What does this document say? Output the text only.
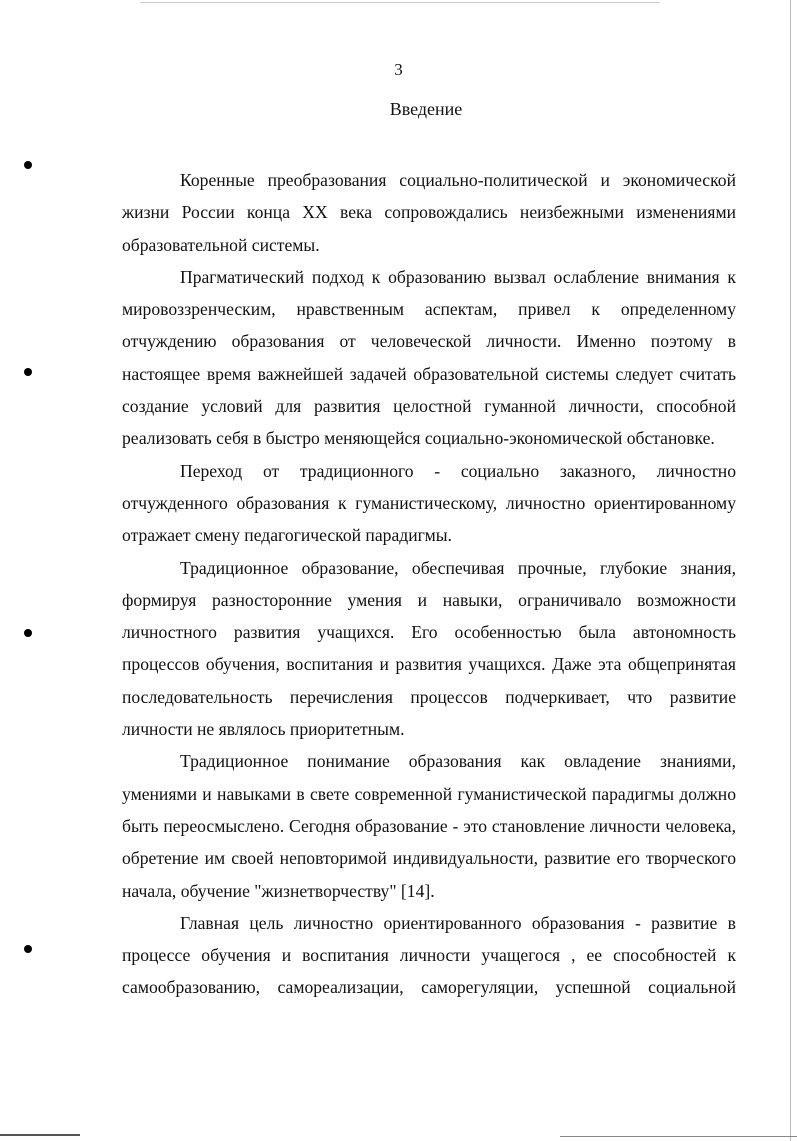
3
Введение

Коренные преобразования социально-политической и экономической жизни России конца ХХ века сопровождались неизбежными изменениями образовательной системы.

Прагматический подход к образованию вызвал ослабление внимания к мировоззренческим, нравственным аспектам, привел к определенному отчуждению образования от человеческой личности. Именно поэтому в настоящее время важнейшей задачей образовательной системы следует считать создание условий для развития целостной гуманной личности, способной реализовать себя в быстро меняющейся социально-экономической обстановке.

Переход от традиционного - социально заказного, личностно отчужденного образования к гуманистическому, личностно ориентированному отражает смену педагогической парадигмы.

Традиционное образование, обеспечивая прочные, глубокие знания, формируя разносторонние умения и навыки, ограничивало возможности личностного развития учащихся. Его особенностью была автономность процессов обучения, воспитания и развития учащихся. Даже эта общепринятая последовательность перечисления процессов подчеркивает, что развитие личности не являлось приоритетным.

Традиционное понимание образования как овладение знаниями, умениями и навыками в свете современной гуманистической парадигмы должно быть переосмыслено. Сегодня образование - это становление личности человека, обретение им своей неповторимой индивидуальности, развитие его творческого начала, обучение "жизнетворчеству" [14].

Главная цель личностно ориентированного образования - развитие в процессе обучения и воспитания личности учащегося , ее способностей к самообразованию, самореализации, саморегуляции, успешной социальной
